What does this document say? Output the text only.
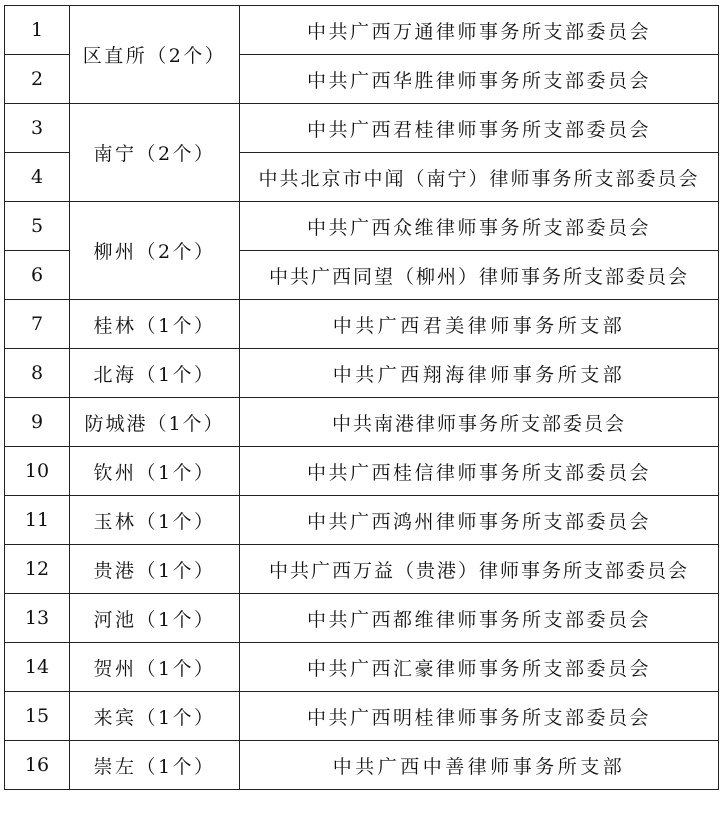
1	区直所（2个）	中共广西万通律师事务所支部委员会
2		中共广西华胜律师事务所支部委员会
3	南宁（2个）	中共广西君桂律师事务所支部委员会
4		中共北京市中闻（南宁）律师事务所支部委员会
5	柳州（2个）	中共广西众维律师事务所支部委员会
6		中共广西同望（柳州）律师事务所支部委员会
7	桂林（1个）	中共广西君美律师事务所支部
8	北海（1个）	中共广西翔海律师事务所支部
9	防城港（1个）	中共南港律师事务所支部委员会
10	钦州（1个）	中共广西桂信律师事务所支部委员会
11	玉林（1个）	中共广西鸿州律师事务所支部委员会
12	贵港（1个）	中共广西万益（贵港）律师事务所支部委员会
13	河池（1个）	中共广西都维律师事务所支部委员会
14	贺州（1个）	中共广西汇豪律师事务所支部委员会
15	来宾（1个）	中共广西明桂律师事务所支部委员会
16	崇左（1个）	中共广西中善律师事务所支部
